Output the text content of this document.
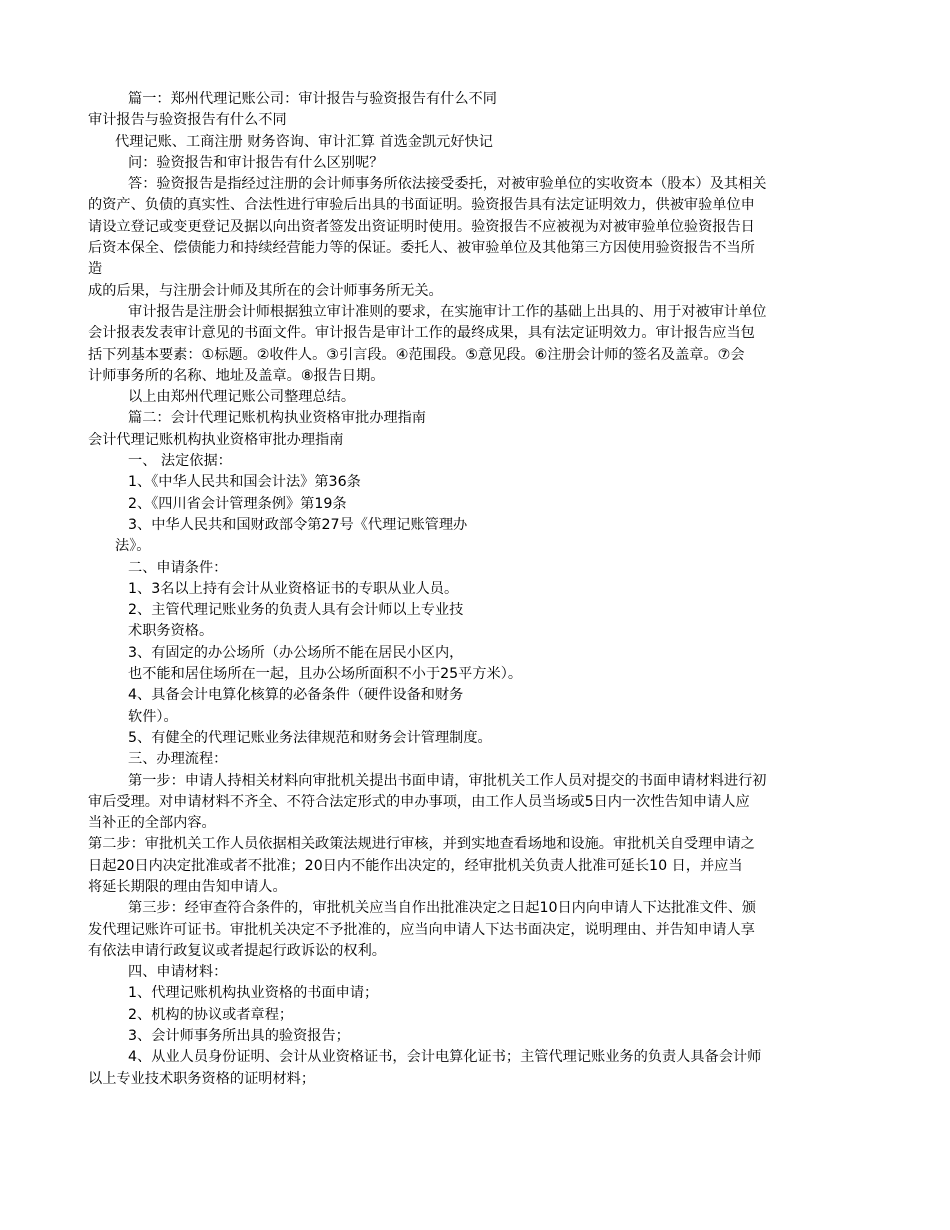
篇一：郑州代理记账公司：审计报告与验资报告有什么不同
审计报告与验资报告有什么不同
代理记账、工商注册 财务咨询、审计汇算 首选金凯元好快记
问：验资报告和审计报告有什么区别呢？
答：验资报告是指经过注册的会计师事务所依法接受委托，对被审验单位的实收资本（股本）及其相关
的资产、负债的真实性、合法性进行审验后出具的书面证明。验资报告具有法定证明效力，供被审验单位申
请设立登记或变更登记及据以向出资者签发出资证明时使用。验资报告不应被视为对被审验单位验资报告日
后资本保全、偿债能力和持续经营能力等的保证。委托人、被审验单位及其他第三方因使用验资报告不当所
造
成的后果，与注册会计师及其所在的会计师事务所无关。
审计报告是注册会计师根据独立审计准则的要求，在实施审计工作的基础上出具的、用于对被审计单位
会计报表发表审计意见的书面文件。审计报告是审计工作的最终成果，具有法定证明效力。审计报告应当包
括下列基本要素：①标题。②收件人。③引言段。④范围段。⑤意见段。⑥注册会计师的签名及盖章。⑦会
计师事务所的名称、地址及盖章。⑧报告日期。
以上由郑州代理记账公司整理总结。
篇二：会计代理记账机构执业资格审批办理指南
会计代理记账机构执业资格审批办理指南
一、 法定依据：
1、《中华人民共和国会计法》第36条
2、《四川省会计管理条例》第19条
3、中华人民共和国财政部令第27号《代理记账管理办
法》。
二、申请条件：
1、3名以上持有会计从业资格证书的专职从业人员。
2、主管代理记账业务的负责人具有会计师以上专业技
术职务资格。
3、有固定的办公场所（办公场所不能在居民小区内，
也不能和居住场所在一起，且办公场所面积不小于25平方米）。
4、具备会计电算化核算的必备条件（硬件设备和财务
软件）。
5、有健全的代理记账业务法律规范和财务会计管理制度。
三、办理流程：
第一步：申请人持相关材料向审批机关提出书面申请，审批机关工作人员对提交的书面申请材料进行初
审后受理。对申请材料不齐全、不符合法定形式的申办事项，由工作人员当场或5日内一次性告知申请人应
当补正的全部内容。
第二步：审批机关工作人员依据相关政策法规进行审核，并到实地查看场地和设施。审批机关自受理申请之
日起20日内决定批准或者不批准；20日内不能作出决定的，经审批机关负责人批准可延长10 日，并应当
将延长期限的理由告知申请人。
第三步：经审查符合条件的，审批机关应当自作出批准决定之日起10日内向申请人下达批准文件、颁
发代理记账许可证书。审批机关决定不予批准的，应当向申请人下达书面决定，说明理由、并告知申请人享
有依法申请行政复议或者提起行政诉讼的权利。
四、申请材料：
1、代理记账机构执业资格的书面申请；
2、机构的协议或者章程；
3、会计师事务所出具的验资报告；
4、从业人员身份证明、会计从业资格证书，会计电算化证书；主管代理记账业务的负责人具备会计师
以上专业技术职务资格的证明材料；
